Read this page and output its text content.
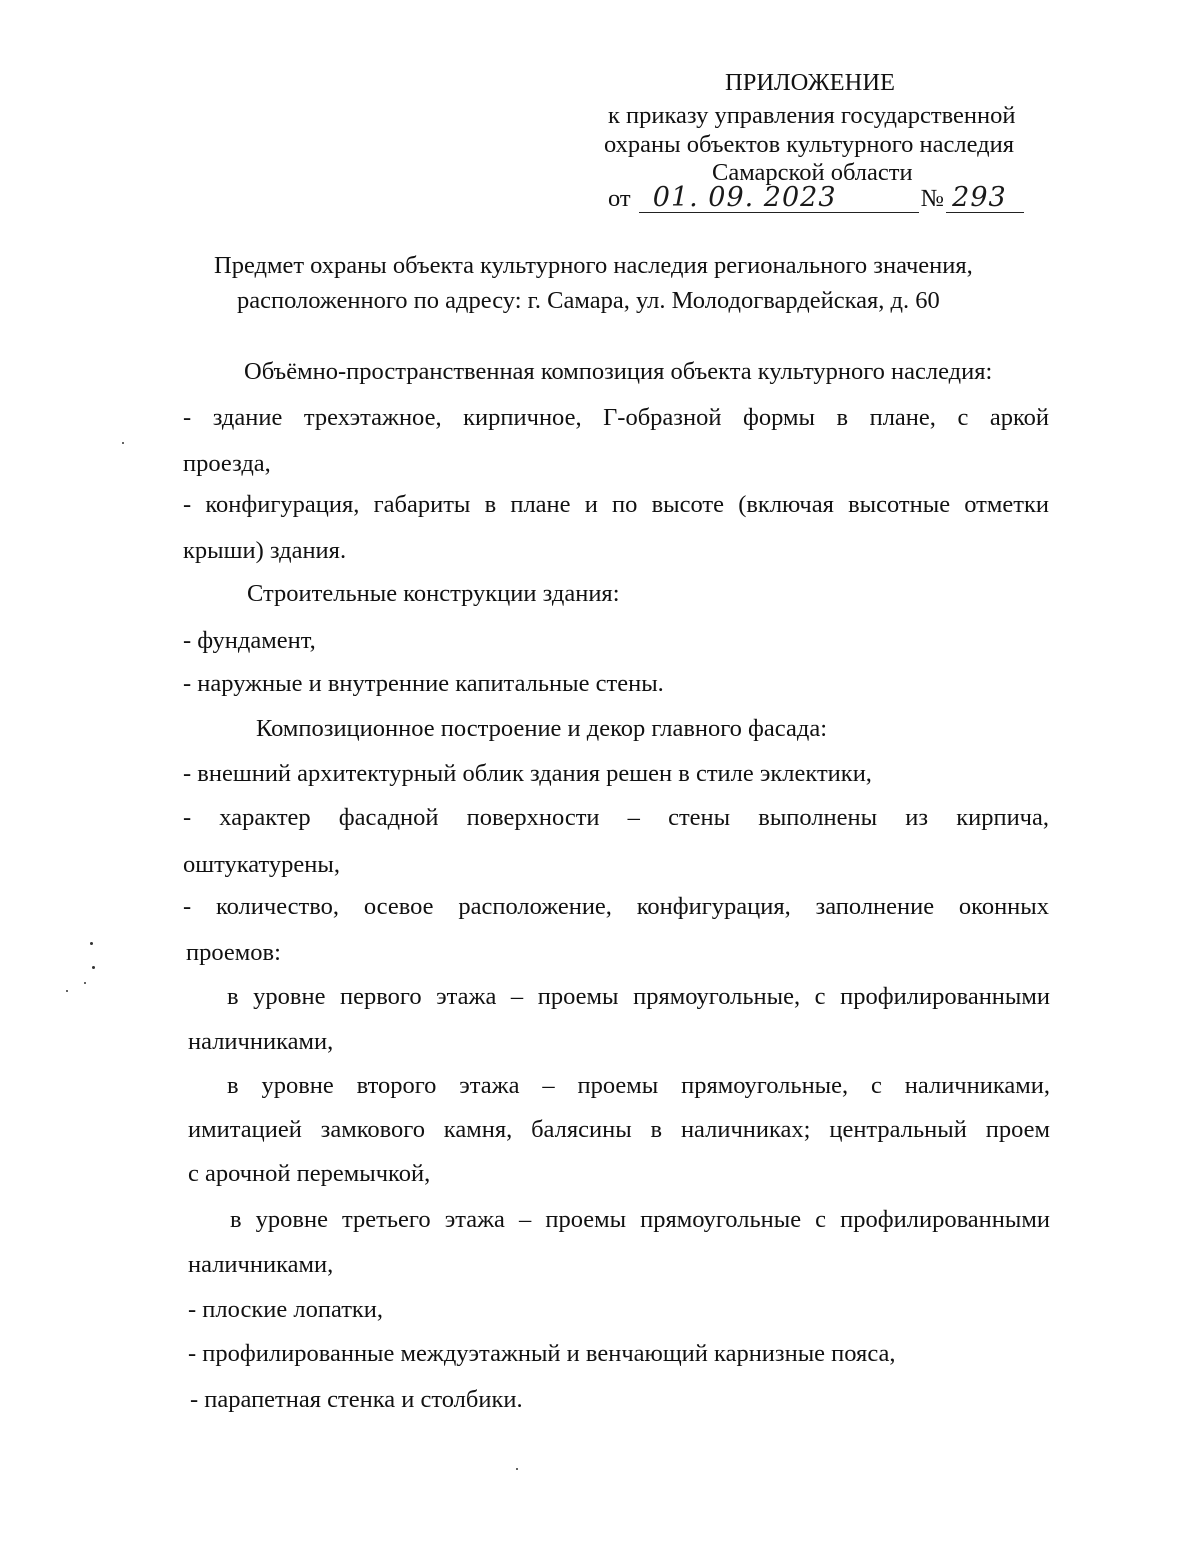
ПРИЛОЖЕНИЕ
к приказу управления государственной
охраны объектов культурного наследия
Самарской области
от 01. 09. 2023	№ 293
Предмет охраны объекта культурного наследия регионального значения,
расположенного по адресу: г. Самара, ул. Молодогвардейская, д. 60
Объёмно-пространственная композиция объекта культурного наследия:
- здание трехэтажное, кирпичное, Г-образной формы в плане, с аркой
проезда,
- конфигурация, габариты в плане и по высоте (включая высотные отметки
крыши) здания.
Строительные конструкции здания:
- фундамент,
- наружные и внутренние капитальные стены.
Композиционное построение и декор главного фасада:
- внешний архитектурный облик здания решен в стиле эклектики,
- характер фасадной поверхности – стены выполнены из кирпича,
оштукатурены,
- количество, осевое расположение, конфигурация, заполнение оконных
проемов:
в уровне первого этажа – проемы прямоугольные, с профилированными
наличниками,
в уровне второго этажа – проемы прямоугольные, с наличниками,
имитацией замкового камня, балясины в наличниках; центральный проем
с арочной перемычкой,
в уровне третьего этажа – проемы прямоугольные с профилированными
наличниками,
- плоские лопатки,
- профилированные междуэтажный и венчающий карнизные пояса,
- парапетная стенка и столбики.
